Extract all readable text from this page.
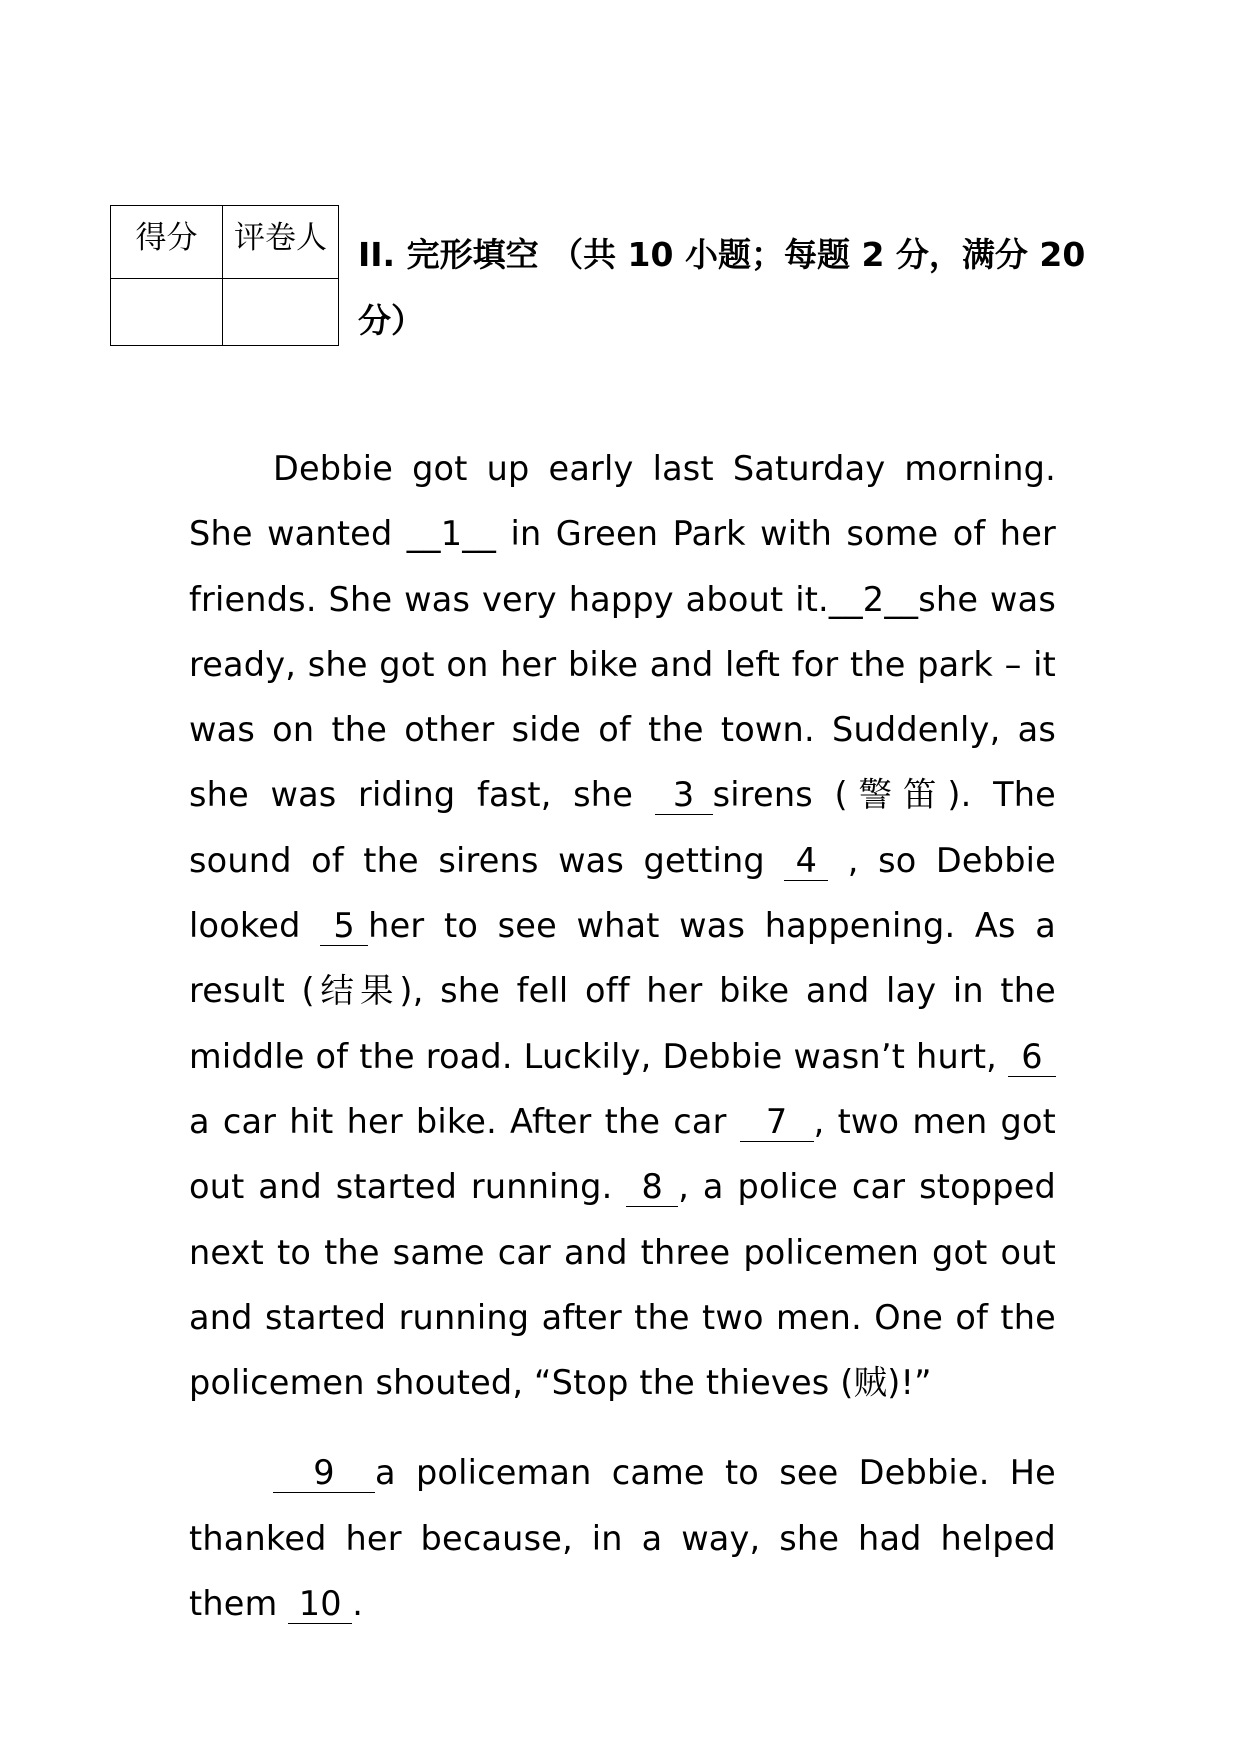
得分	评卷人
	II. 完形填空 （共 10 小题；每题 2 分，满分 20 分）

Debbie got up early last Saturday morning. She wanted __1__ in Green Park with some of her friends. She was very happy about it.__2__she was ready, she got on her bike and left for the park – it was on the other side of the town. Suddenly, as she was riding fast, she 3 sirens (警笛). The sound of the sirens was getting 4 , so Debbie looked 5 her to see what was happening. As a result (结果), she fell off her bike and lay in the middle of the road. Luckily, Debbie wasn’t hurt, 6a car hit her bike. After the car 7 , two men got out and started running. 8 , a police car stopped next to the same car and three policemen got out and started running after the two men. One of the policemen shouted, “Stop the thieves (贼)!”

9 a policeman came to see Debbie. He thanked her because, in a way, she had helped them 10 .
